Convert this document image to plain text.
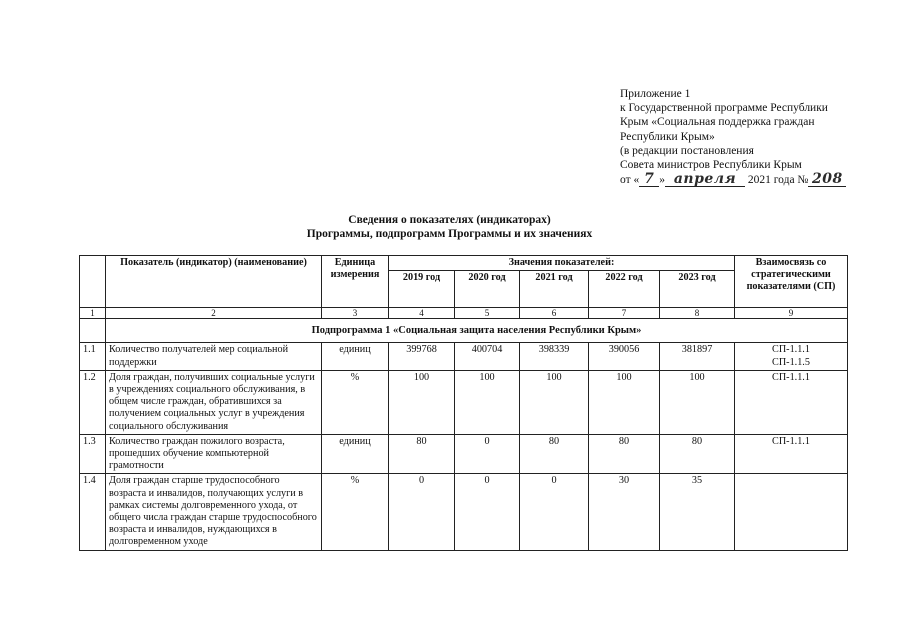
Приложение 1
к Государственной программе Республики
Крым «Социальная поддержка граждан
Республики Крым»
(в редакции постановления
Совета министров Республики Крым
от « 7 » апреля 2021 года № 208
Сведения о показателях (индикаторах)
Программы, подпрограмм Программы и их значениях
	Показатель (индикатор) (наименование)	Единица измерения	Значения показателей:					Взаимосвязь со стратегическими показателями (СП)
			2019 год	2020 год	2021 год	2022 год	2023 год	
1	2	3	4	5	6	7	8	9
	Подпрограмма 1 «Социальная защита населения Республики Крым»							
1.1	Количество получателей мер социальной поддержки	единиц	399768	400704	398339	390056	381897	СП-1.1.1
СП-1.1.5

1.2	Доля граждан, получивших социальные услуги в учреждениях социального обслуживания, в общем числе граждан, обратившихся за получением социальных услуг в учреждения социального обслуживания	%	100	100	100	100	100	СП-1.1.1

1.3	Количество граждан пожилого возраста, прошедших обучение компьютерной грамотности	единиц	80	0	80	80	80	СП-1.1.1

1.4	Доля граждан старше трудоспособного возраста и инвалидов, получающих услуги в рамках системы долговременного ухода, от общего числа граждан старше трудоспособного возраста и инвалидов, нуждающихся в долговременном уходе	%	0	0	0	30	35	
